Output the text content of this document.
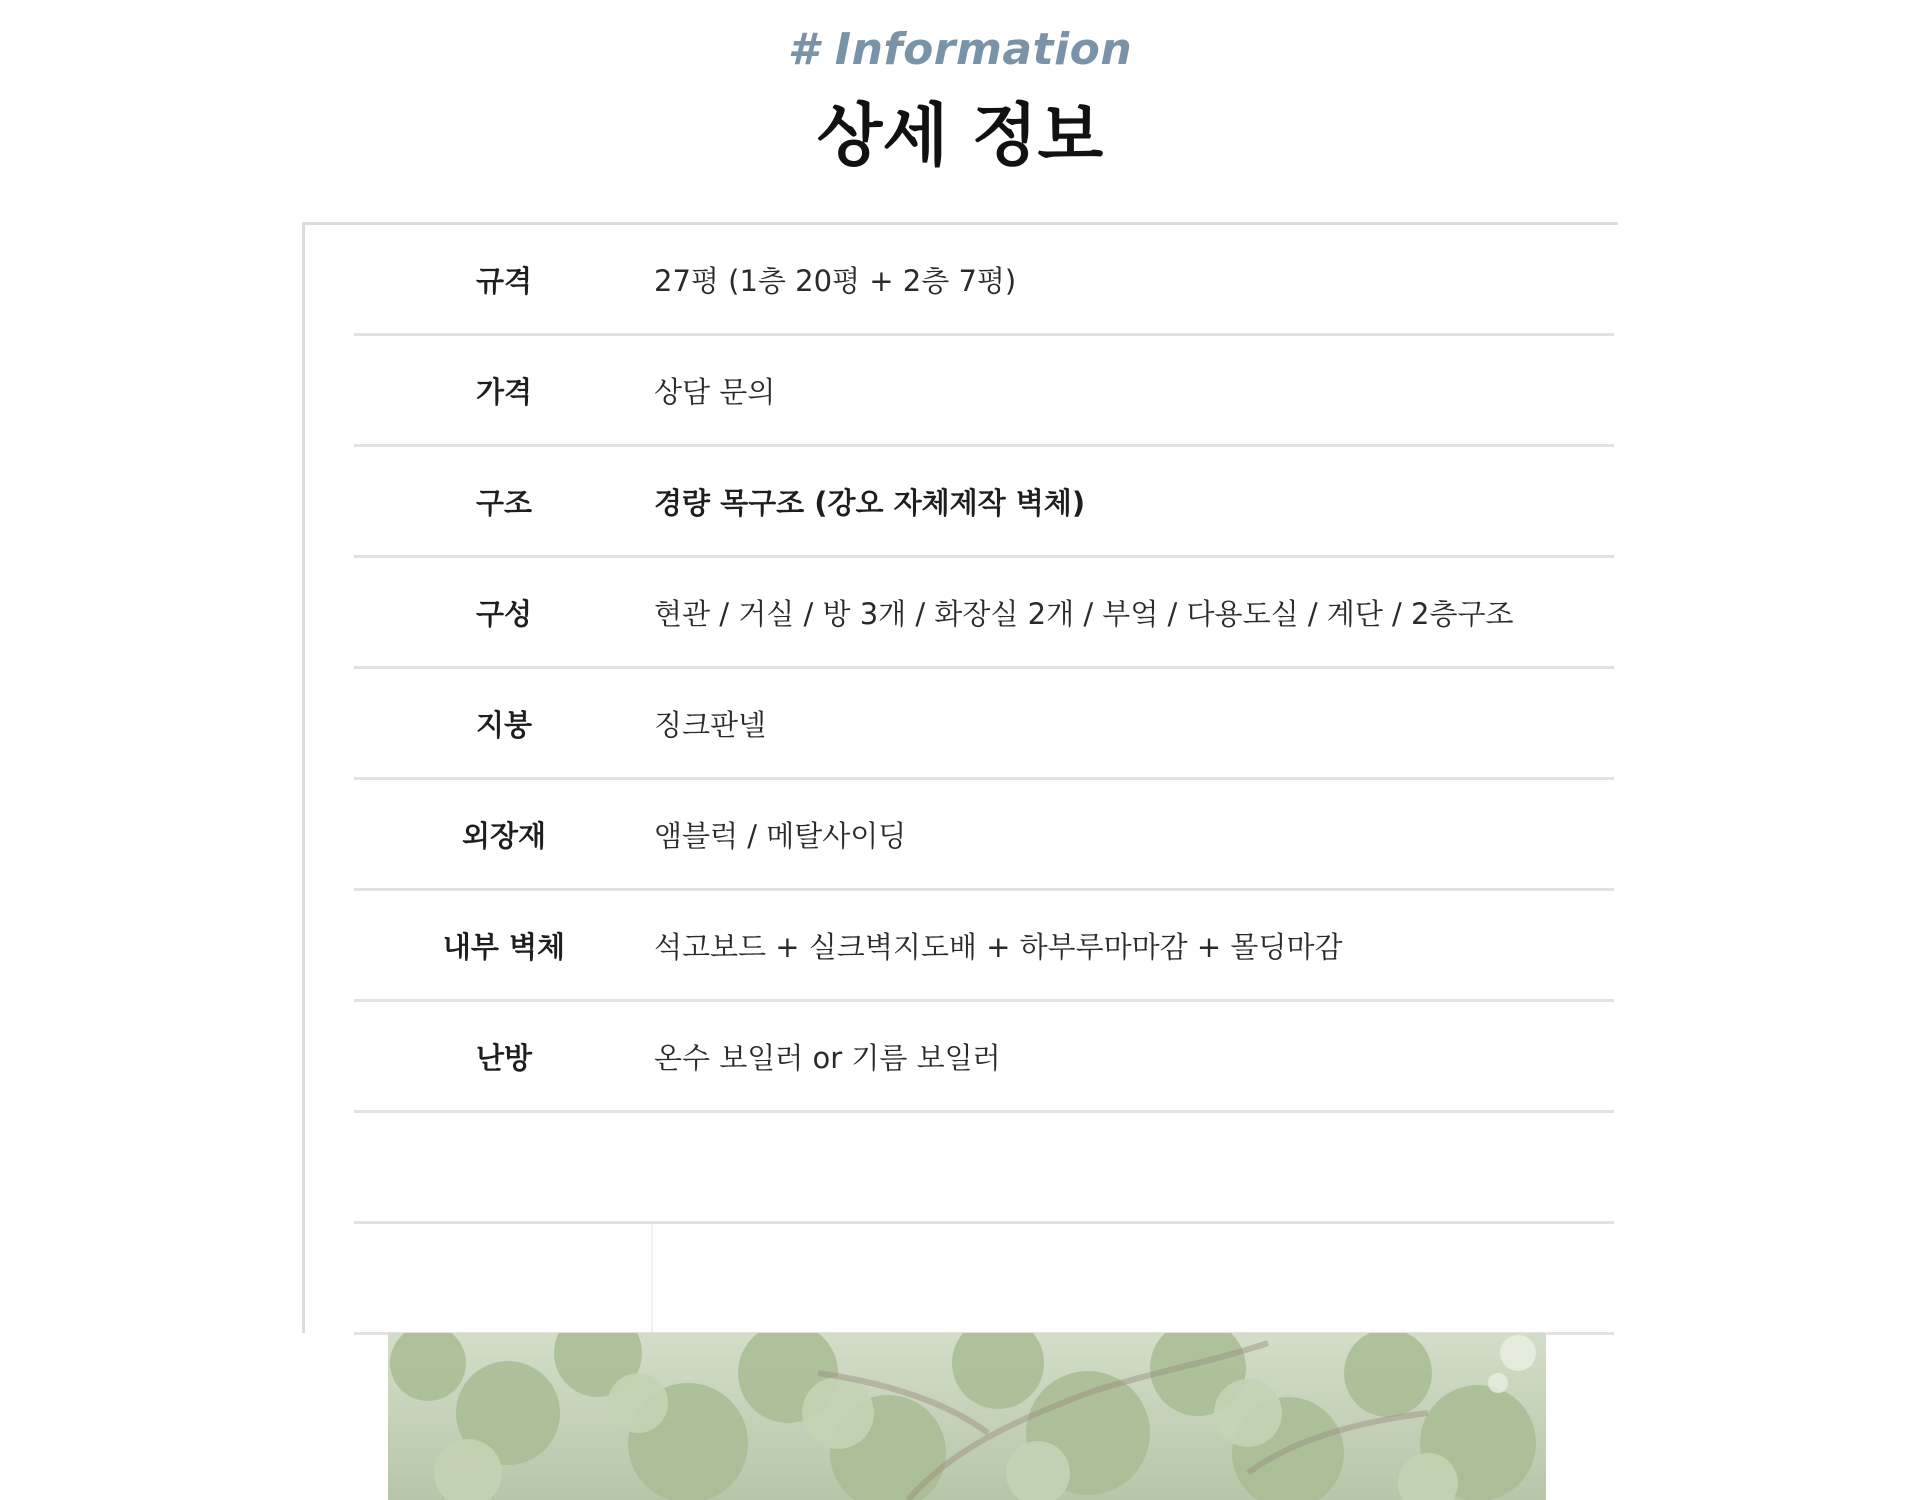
# Information
상세 정보
규격	27평 (1층 20평 + 2층 7평)
가격	상담 문의
구조	경량 목구조 (강오 자체제작 벽체)
구성	현관 / 거실 / 방 3개 / 화장실 2개 / 부엌 / 다용도실 / 계단 / 2층구조
지붕	징크판넬
외장재	앰블럭 / 메탈사이딩
내부 벽체	석고보드 + 실크벽지도배 + 하부루마마감 + 몰딩마감
난방	온수 보일러 or 기름 보일러
